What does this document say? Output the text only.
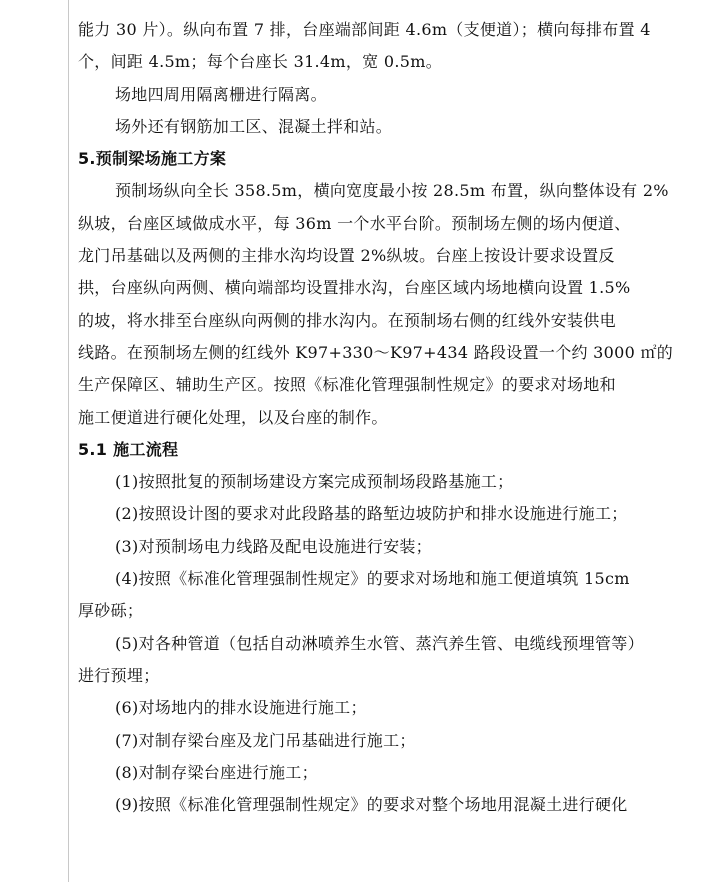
能力 30 片）。纵向布置 7 排，台座端部间距 4.6m（支便道）；横向每排布置 4

个，间距 4.5m；每个台座长 31.4m，宽 0.5m。

场地四周用隔离栅进行隔离。

场外还有钢筋加工区、混凝土拌和站。

5.预制梁场施工方案

预制场纵向全长 358.5m，横向宽度最小按 28.5m 布置，纵向整体设有 2%

纵坡，台座区域做成水平，每 36m 一个水平台阶。预制场左侧的场内便道、

龙门吊基础以及两侧的主排水沟均设置 2%纵坡。台座上按设计要求设置反

拱，台座纵向两侧、横向端部均设置排水沟，台座区域内场地横向设置 1.5%

的坡，将水排至台座纵向两侧的排水沟内。在预制场右侧的红线外安装供电

线路。在预制场左侧的红线外 K97+330～K97+434 路段设置一个约 3000 ㎡的

生产保障区、辅助生产区。按照《标准化管理强制性规定》的要求对场地和

施工便道进行硬化处理，以及台座的制作。

5.1 施工流程

(1)按照批复的预制场建设方案完成预制场段路基施工；

(2)按照设计图的要求对此段路基的路堑边坡防护和排水设施进行施工；

(3)对预制场电力线路及配电设施进行安装；

(4)按照《标准化管理强制性规定》的要求对场地和施工便道填筑 15cm

厚砂砾；

(5)对各种管道（包括自动淋喷养生水管、蒸汽养生管、电缆线预埋管等）

进行预埋；

(6)对场地内的排水设施进行施工；

(7)对制存梁台座及龙门吊基础进行施工；

(8)对制存梁台座进行施工；

(9)按照《标准化管理强制性规定》的要求对整个场地用混凝土进行硬化
